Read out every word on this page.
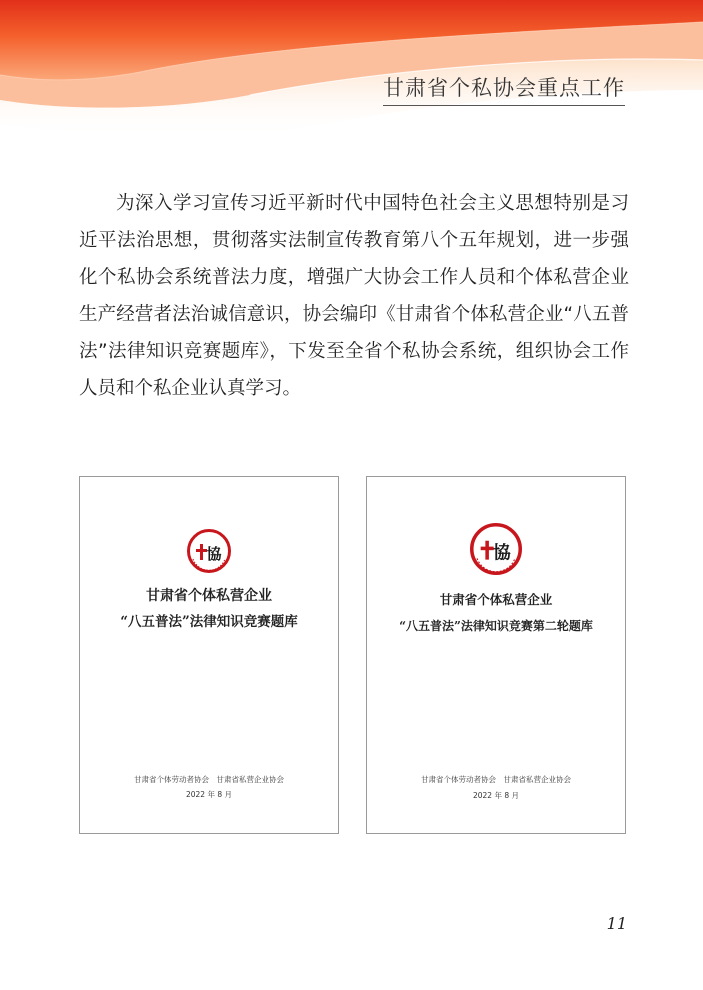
甘肃省个私协会重点工作
为深入学习宣传习近平新时代中国特色社会主义思想特别是习近平法治思想，贯彻落实法制宣传教育第八个五年规划，进一步强化个私协会系统普法力度，增强广大协会工作人员和个体私营企业生产经营者法治诚信意识，协会编印《甘肃省个体私营企业“八五普法”法律知识竞赛题库》，下发至全省个私协会系统，组织协会工作人员和个私企业认真学习。
協
甘肃省个体私营企业
“八五普法”法律知识竞赛题库
甘肃省个体劳动者协会　甘肃省私营企业协会
2022 年 8 月
協
甘肃省个体私营企业
“八五普法”法律知识竞赛第二轮题库
甘肃省个体劳动者协会　甘肃省私营企业协会
2022 年 8 月
11
